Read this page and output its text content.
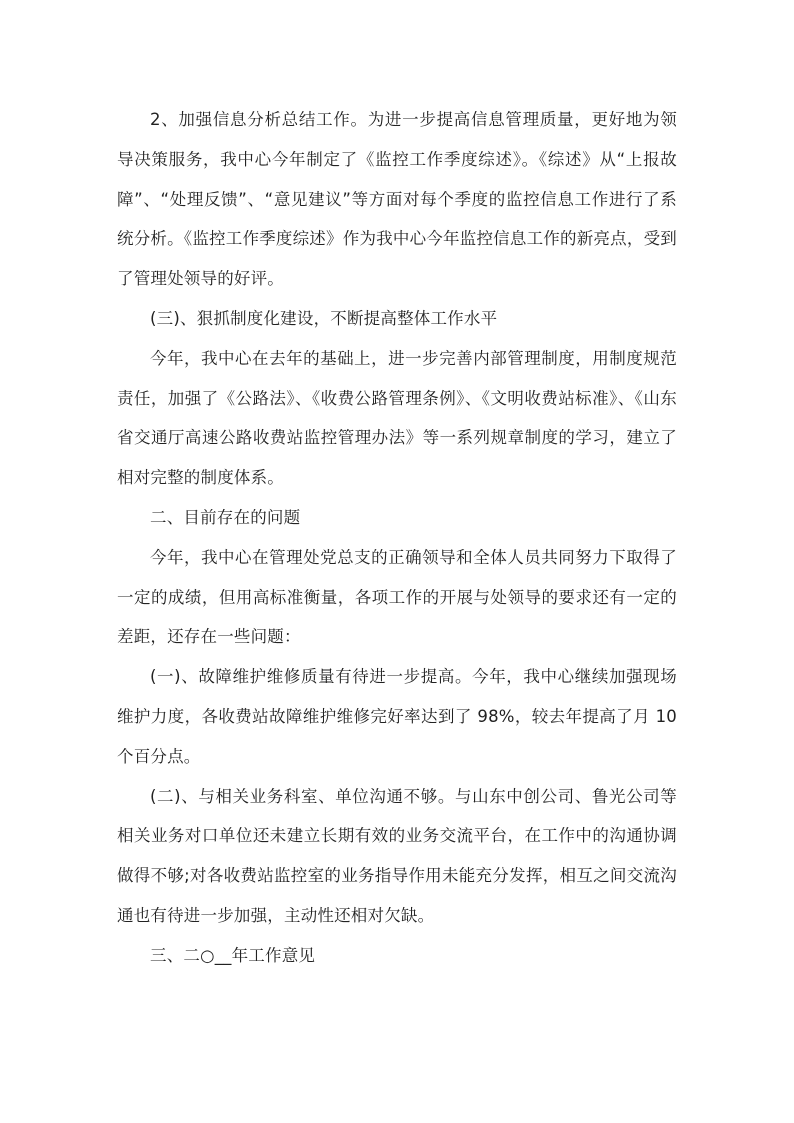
2、加强信息分析总结工作。为进一步提高信息管理质量，更好地为领导决策服务，我中心今年制定了《监控工作季度综述》。《综述》从“上报故障”、“处理反馈”、“意见建议”等方面对每个季度的监控信息工作进行了系统分析。《监控工作季度综述》作为我中心今年监控信息工作的新亮点，受到了管理处领导的好评。

(三)、狠抓制度化建设，不断提高整体工作水平

今年，我中心在去年的基础上，进一步完善内部管理制度，用制度规范责任，加强了《公路法》、《收费公路管理条例》、《文明收费站标准》、《山东省交通厅高速公路收费站监控管理办法》等一系列规章制度的学习，建立了相对完整的制度体系。

二、目前存在的问题

今年，我中心在管理处党总支的正确领导和全体人员共同努力下取得了一定的成绩，但用高标准衡量，各项工作的开展与处领导的要求还有一定的差距，还存在一些问题：

(一)、故障维护维修质量有待进一步提高。今年，我中心继续加强现场维护力度，各收费站故障维护维修完好率达到了 98%，较去年提高了月 10 个百分点。

(二)、与相关业务科室、单位沟通不够。与山东中创公司、鲁光公司等相关业务对口单位还未建立长期有效的业务交流平台，在工作中的沟通协调做得不够;对各收费站监控室的业务指导作用未能充分发挥，相互之间交流沟通也有待进一步加强，主动性还相对欠缺。

三、二○__年工作意见
